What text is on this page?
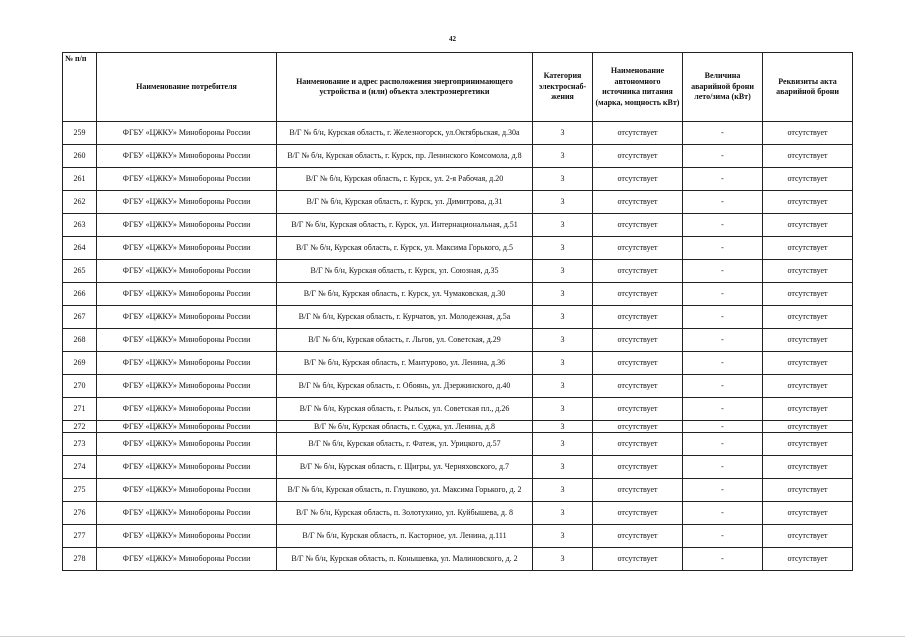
42
№ п/п	Наименование потребителя	Наименование и адрес расположения энергопринимающего устройства и (или) объекта электроэнергетики	Категория электроснаб-жения	Наименование автономного источника питания (марка, мощность кВт)	Величина аварийной брони лето/зима (кВт)	Реквизиты акта аварийной брони
259	ФГБУ «ЦЖКУ» Минобороны России	В/Г № б/н, Курская область, г. Железногорск, ул.Октябрьская, д.30а	3	отсутствует	-	отсутствует
260	ФГБУ «ЦЖКУ» Минобороны России	В/Г № б/н, Курская область, г. Курск, пр. Ленинского Комсомола, д.8	3	отсутствует	-	отсутствует
261	ФГБУ «ЦЖКУ» Минобороны России	В/Г № б/н, Курская область, г. Курск, ул. 2-я Рабочая, д.20	3	отсутствует	-	отсутствует
262	ФГБУ «ЦЖКУ» Минобороны России	В/Г № б/н, Курская область, г. Курск, ул. Димитрова, д.31	3	отсутствует	-	отсутствует
263	ФГБУ «ЦЖКУ» Минобороны России	В/Г № б/н, Курская область, г. Курск, ул. Интернациональная, д.51	3	отсутствует	-	отсутствует
264	ФГБУ «ЦЖКУ» Минобороны России	В/Г № б/н, Курская область, г. Курск, ул. Максима Горького, д.5	3	отсутствует	-	отсутствует
265	ФГБУ «ЦЖКУ» Минобороны России	В/Г № б/н, Курская область, г. Курск, ул. Союзная, д.35	3	отсутствует	-	отсутствует
266	ФГБУ «ЦЖКУ» Минобороны России	В/Г № б/н, Курская область, г. Курск, ул. Чумаковская, д.30	3	отсутствует	-	отсутствует
267	ФГБУ «ЦЖКУ» Минобороны России	В/Г № б/н, Курская область, г. Курчатов, ул. Молодежная, д.5а	3	отсутствует	-	отсутствует
268	ФГБУ «ЦЖКУ» Минобороны России	В/Г № б/н, Курская область, г. Льгов, ул. Советская, д.29	3	отсутствует	-	отсутствует
269	ФГБУ «ЦЖКУ» Минобороны России	В/Г № б/н, Курская область, г. Мантурово, ул. Ленина, д.36	3	отсутствует	-	отсутствует
270	ФГБУ «ЦЖКУ» Минобороны России	В/Г № б/н, Курская область, г. Обоянь, ул. Дзержинского, д.40	3	отсутствует	-	отсутствует
271	ФГБУ «ЦЖКУ» Минобороны России	В/Г № б/н, Курская область, г. Рыльск, ул. Советская пл., д.26	3	отсутствует	-	отсутствует
272	ФГБУ «ЦЖКУ» Минобороны России	В/Г № б/н, Курская область, г. Суджа, ул. Ленина, д.8	3	отсутствует	-	отсутствует
273	ФГБУ «ЦЖКУ» Минобороны России	В/Г № б/н, Курская область, г. Фатеж, ул. Урицкого, д.57	3	отсутствует	-	отсутствует
274	ФГБУ «ЦЖКУ» Минобороны России	В/Г № б/н, Курская область, г. Щигры, ул. Черняховского, д.7	3	отсутствует	-	отсутствует
275	ФГБУ «ЦЖКУ» Минобороны России	В/Г № б/н, Курская область, п. Глушково, ул. Максима Горького, д. 2	3	отсутствует	-	отсутствует
276	ФГБУ «ЦЖКУ» Минобороны России	В/Г № б/н, Курская область, п. Золотухино, ул. Куйбышева, д. 8	3	отсутствует	-	отсутствует
277	ФГБУ «ЦЖКУ» Минобороны России	В/Г № б/н, Курская область, п. Касторное, ул. Ленина, д.111	3	отсутствует	-	отсутствует
278	ФГБУ «ЦЖКУ» Минобороны России	В/Г № б/н, Курская область, п. Конышевка, ул. Малиновского, д. 2	3	отсутствует	-	отсутствует
